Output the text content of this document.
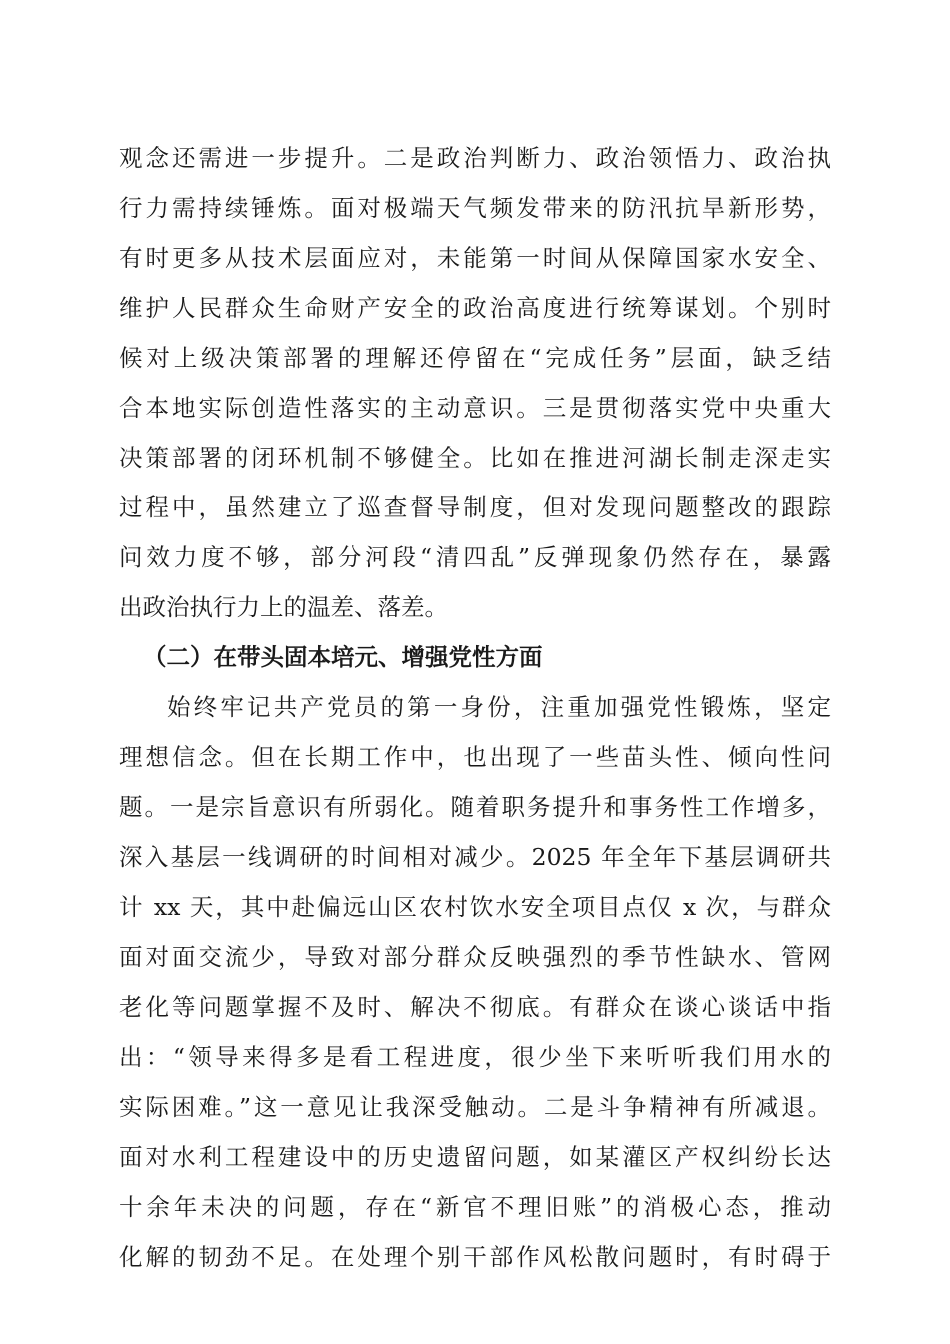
观念还需进一步提升。二是政治判断力、政治领悟力、政治执

行力需持续锤炼。面对极端天气频发带来的防汛抗旱新形势，

有时更多从技术层面应对，未能第一时间从保障国家水安全、

维护人民群众生命财产安全的政治高度进行统筹谋划。个别时

候对上级决策部署的理解还停留在“完成任务”层面，缺乏结

合本地实际创造性落实的主动意识。三是贯彻落实党中央重大

决策部署的闭环机制不够健全。比如在推进河湖长制走深走实

过程中，虽然建立了巡查督导制度，但对发现问题整改的跟踪

问效力度不够，部分河段“清四乱”反弹现象仍然存在，暴露

出政治执行力上的温差、落差。

（二）在带头固本培元、增强党性方面

始终牢记共产党员的第一身份，注重加强党性锻炼，坚定

理想信念。但在长期工作中，也出现了一些苗头性、倾向性问

题。一是宗旨意识有所弱化。随着职务提升和事务性工作增多，

深入基层一线调研的时间相对减少。2025 年全年下基层调研共

计 xx 天，其中赴偏远山区农村饮水安全项目点仅 x 次，与群众

面对面交流少，导致对部分群众反映强烈的季节性缺水、管网

老化等问题掌握不及时、解决不彻底。有群众在谈心谈话中指

出：“领导来得多是看工程进度，很少坐下来听听我们用水的

实际困难。”这一意见让我深受触动。二是斗争精神有所减退。

面对水利工程建设中的历史遗留问题，如某灌区产权纠纷长达

十余年未决的问题，存在“新官不理旧账”的消极心态，推动

化解的韧劲不足。在处理个别干部作风松散问题时，有时碍于
